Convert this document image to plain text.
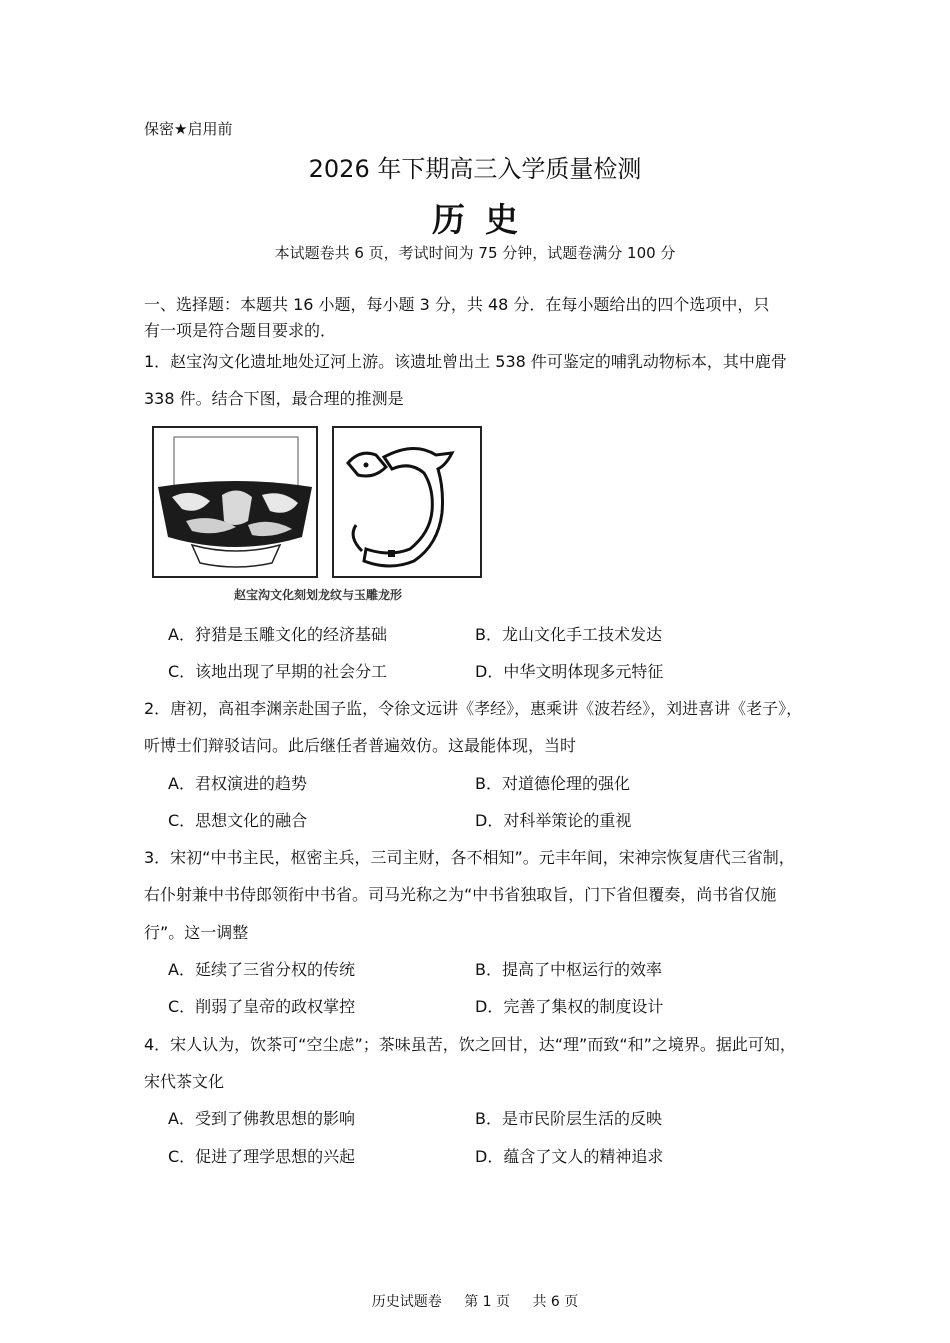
保密★启用前
2026 年下期高三入学质量检测
历史
本试题卷共 6 页，考试时间为 75 分钟，试题卷满分 100 分
一、选择题：本题共 16 小题，每小题 3 分，共 48 分．在每小题给出的四个选项中，只
有一项是符合题目要求的．
1．赵宝沟文化遗址地处辽河上游。该遗址曾出土 538 件可鉴定的哺乳动物标本，其中鹿骨
338 件。结合下图，最合理的推测是
赵宝沟文化刻划龙纹与玉雕龙形
A．狩猎是玉雕文化的经济基础	B．龙山文化手工技术发达
C．该地出现了早期的社会分工	D．中华文明体现多元特征
2．唐初，高祖李渊亲赴国子监，令徐文远讲《孝经》，惠乘讲《波若经》，刘进喜讲《老子》，
听博士们辩驳诘问。此后继任者普遍效仿。这最能体现，当时
A．君权演进的趋势	B．对道德伦理的强化
C．思想文化的融合	D．对科举策论的重视
3．宋初“中书主民，枢密主兵，三司主财，各不相知”。元丰年间，宋神宗恢复唐代三省制，
右仆射兼中书侍郎领衔中书省。司马光称之为“中书省独取旨，门下省但覆奏，尚书省仅施
行”。这一调整
A．延续了三省分权的传统	B．提高了中枢运行的效率
C．削弱了皇帝的政权掌控	D．完善了集权的制度设计
4．宋人认为，饮茶可“空尘虑”；茶味虽苦，饮之回甘，达“理”而致“和”之境界。据此可知，
宋代茶文化
A．受到了佛教思想的影响	B．是市民阶层生活的反映
C．促进了理学思想的兴起	D．蕴含了文人的精神追求
历史试题卷 第 1 页 共 6 页
